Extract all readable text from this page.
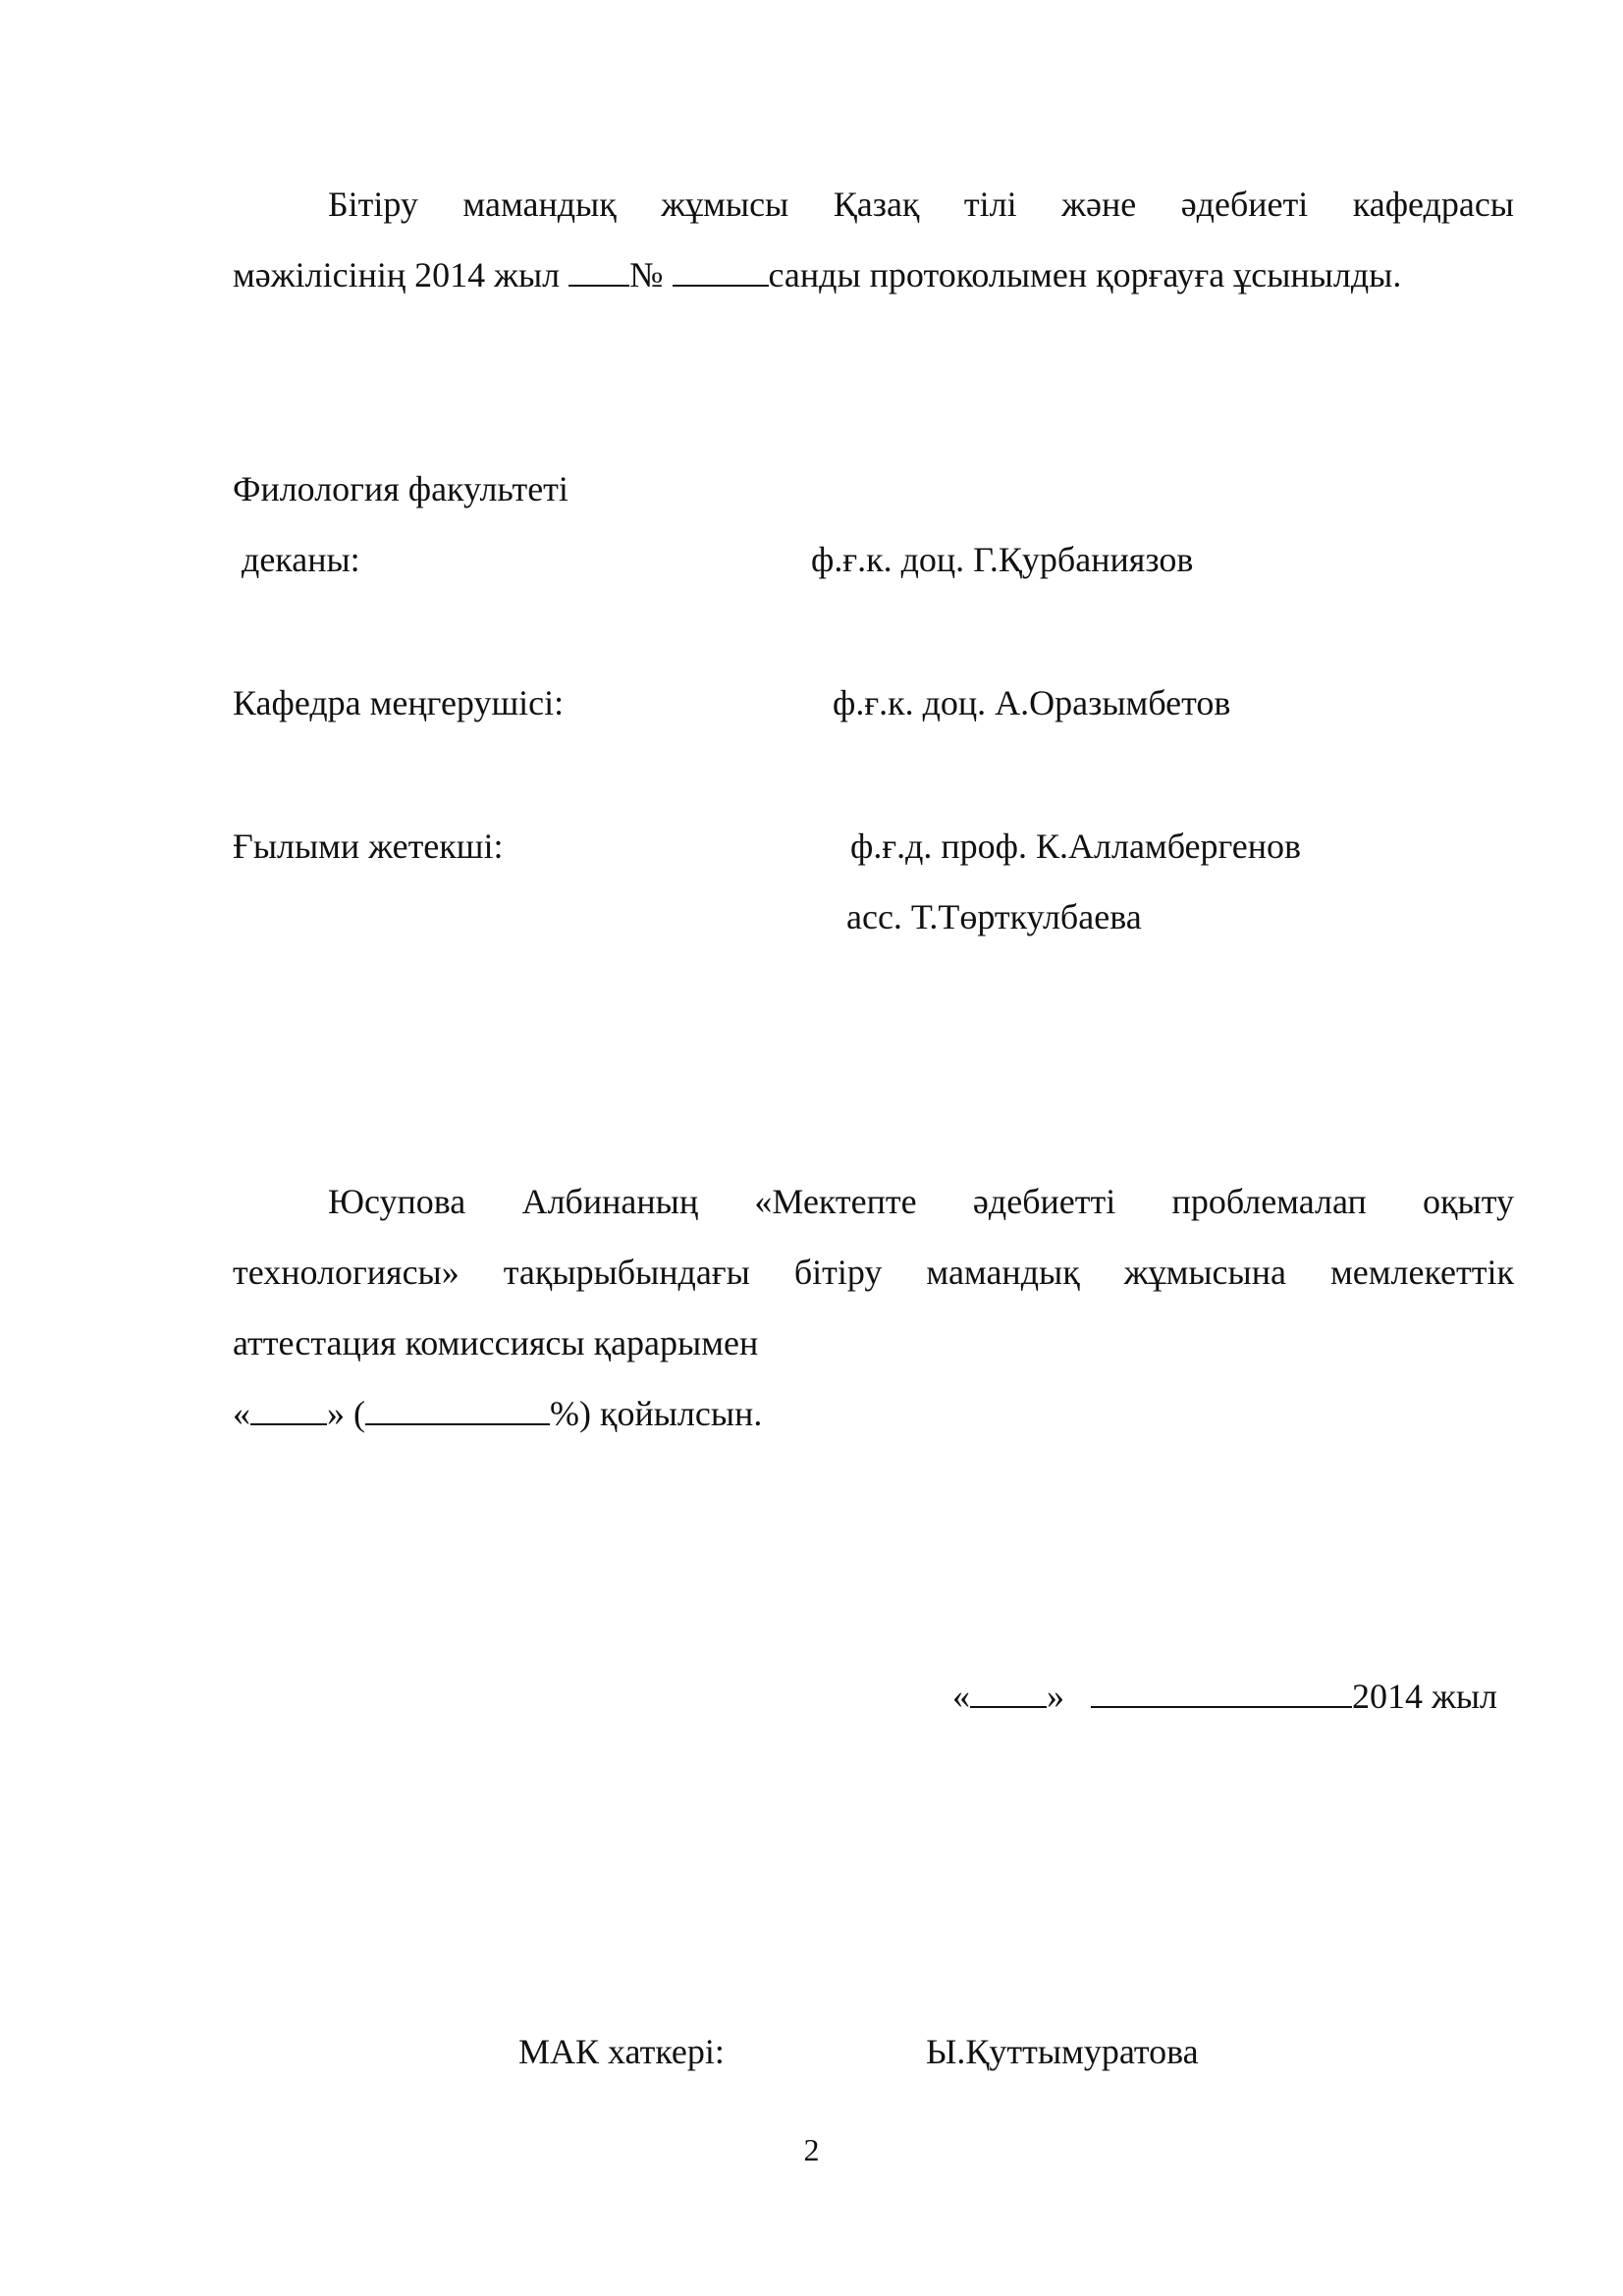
Бітіру мамандық жұмысы Қазақ тілі және әдебиеті кафедрасы
мәжілісінің 2014 жыл №	санды протоколымен қорғауға ұсынылды.
Филология факультеті
деканы:	ф.ғ.к. доц. Г.Қурбаниязов
Кафедра меңгерушісі:	ф.ғ.к. доц. А.Оразымбетов
Ғылыми жетекші:	ф.ғ.д. проф. К.Алламбергенов
асс. Т.Төрткулбаева
Юсупова Албинаның «Мектепте әдебиетті проблемалап оқыту
технологиясы» тақырыбындағы бітіру мамандық жұмысына мемлекеттік
аттестация комиссиясы қарарымен
« » (	%) қойылсын.
« »	2014 жыл
МАК хаткері:	Ы.Қуттымуратова
2
